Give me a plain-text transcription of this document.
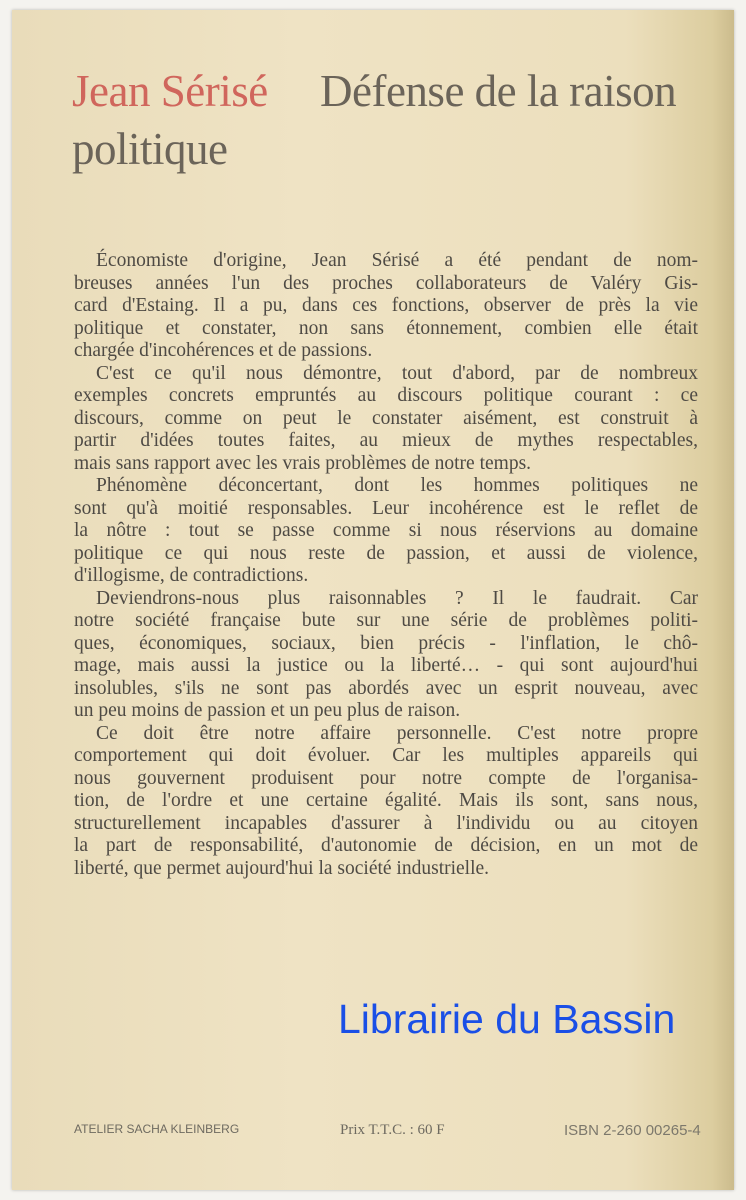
Jean Sérisé Défense de la raison
politique
Économiste d'origine, Jean Sérisé a été pendant de nom-
breuses années l'un des proches collaborateurs de Valéry Gis-
card d'Estaing. Il a pu, dans ces fonctions, observer de près la vie
politique et constater, non sans étonnement, combien elle était
chargée d'incohérences et de passions.
C'est ce qu'il nous démontre, tout d'abord, par de nombreux
exemples concrets empruntés au discours politique courant : ce
discours, comme on peut le constater aisément, est construit à
partir d'idées toutes faites, au mieux de mythes respectables,
mais sans rapport avec les vrais problèmes de notre temps.
Phénomène déconcertant, dont les hommes politiques ne
sont qu'à moitié responsables. Leur incohérence est le reflet de
la nôtre : tout se passe comme si nous réservions au domaine
politique ce qui nous reste de passion, et aussi de violence,
d'illogisme, de contradictions.
Deviendrons-nous plus raisonnables ? Il le faudrait. Car
notre société française bute sur une série de problèmes politi-
ques, économiques, sociaux, bien précis - l'inflation, le chô-
mage, mais aussi la justice ou la liberté… - qui sont aujourd'hui
insolubles, s'ils ne sont pas abordés avec un esprit nouveau, avec
un peu moins de passion et un peu plus de raison.
Ce doit être notre affaire personnelle. C'est notre propre
comportement qui doit évoluer. Car les multiples appareils qui
nous gouvernent produisent pour notre compte de l'organisa-
tion, de l'ordre et une certaine égalité. Mais ils sont, sans nous,
structurellement incapables d'assurer à l'individu ou au citoyen
la part de responsabilité, d'autonomie de décision, en un mot de
liberté, que permet aujourd'hui la société industrielle.
ATELIER SACHA KLEINBERG	Prix T.T.C. : 60 F	ISBN 2-260 00265-4
Librairie du Bassin
